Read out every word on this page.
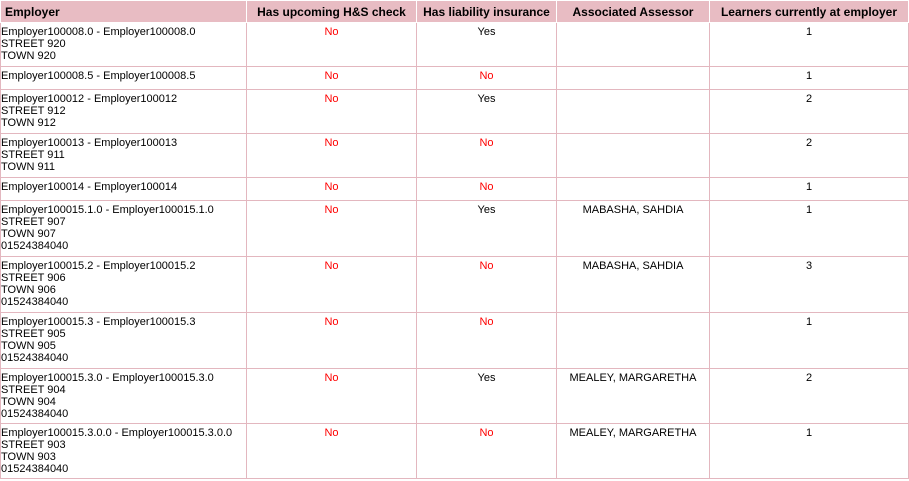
Employer	Has upcoming H&S check	Has liability insurance	Associated Assessor	Learners currently at employer

Employer100008.0 - Employer100008.0
STREET 920
TOWN 920	No	Yes		1

Employer100008.5 - Employer100008.5	No	No		1

Employer100012 - Employer100012
STREET 912
TOWN 912	No	Yes		2

Employer100013 - Employer100013
STREET 911
TOWN 911	No	No		2

Employer100014 - Employer100014	No	No		1

Employer100015.1.0 - Employer100015.1.0
STREET 907
TOWN 907
01524384040	No	Yes	MABASHA, SAHDIA	1

Employer100015.2 - Employer100015.2
STREET 906
TOWN 906
01524384040	No	No	MABASHA, SAHDIA	3

Employer100015.3 - Employer100015.3
STREET 905
TOWN 905
01524384040	No	No		1

Employer100015.3.0 - Employer100015.3.0
STREET 904
TOWN 904
01524384040	No	Yes	MEALEY, MARGARETHA	2

Employer100015.3.0.0 - Employer100015.3.0.0
STREET 903
TOWN 903
01524384040	No	No	MEALEY, MARGARETHA	1
